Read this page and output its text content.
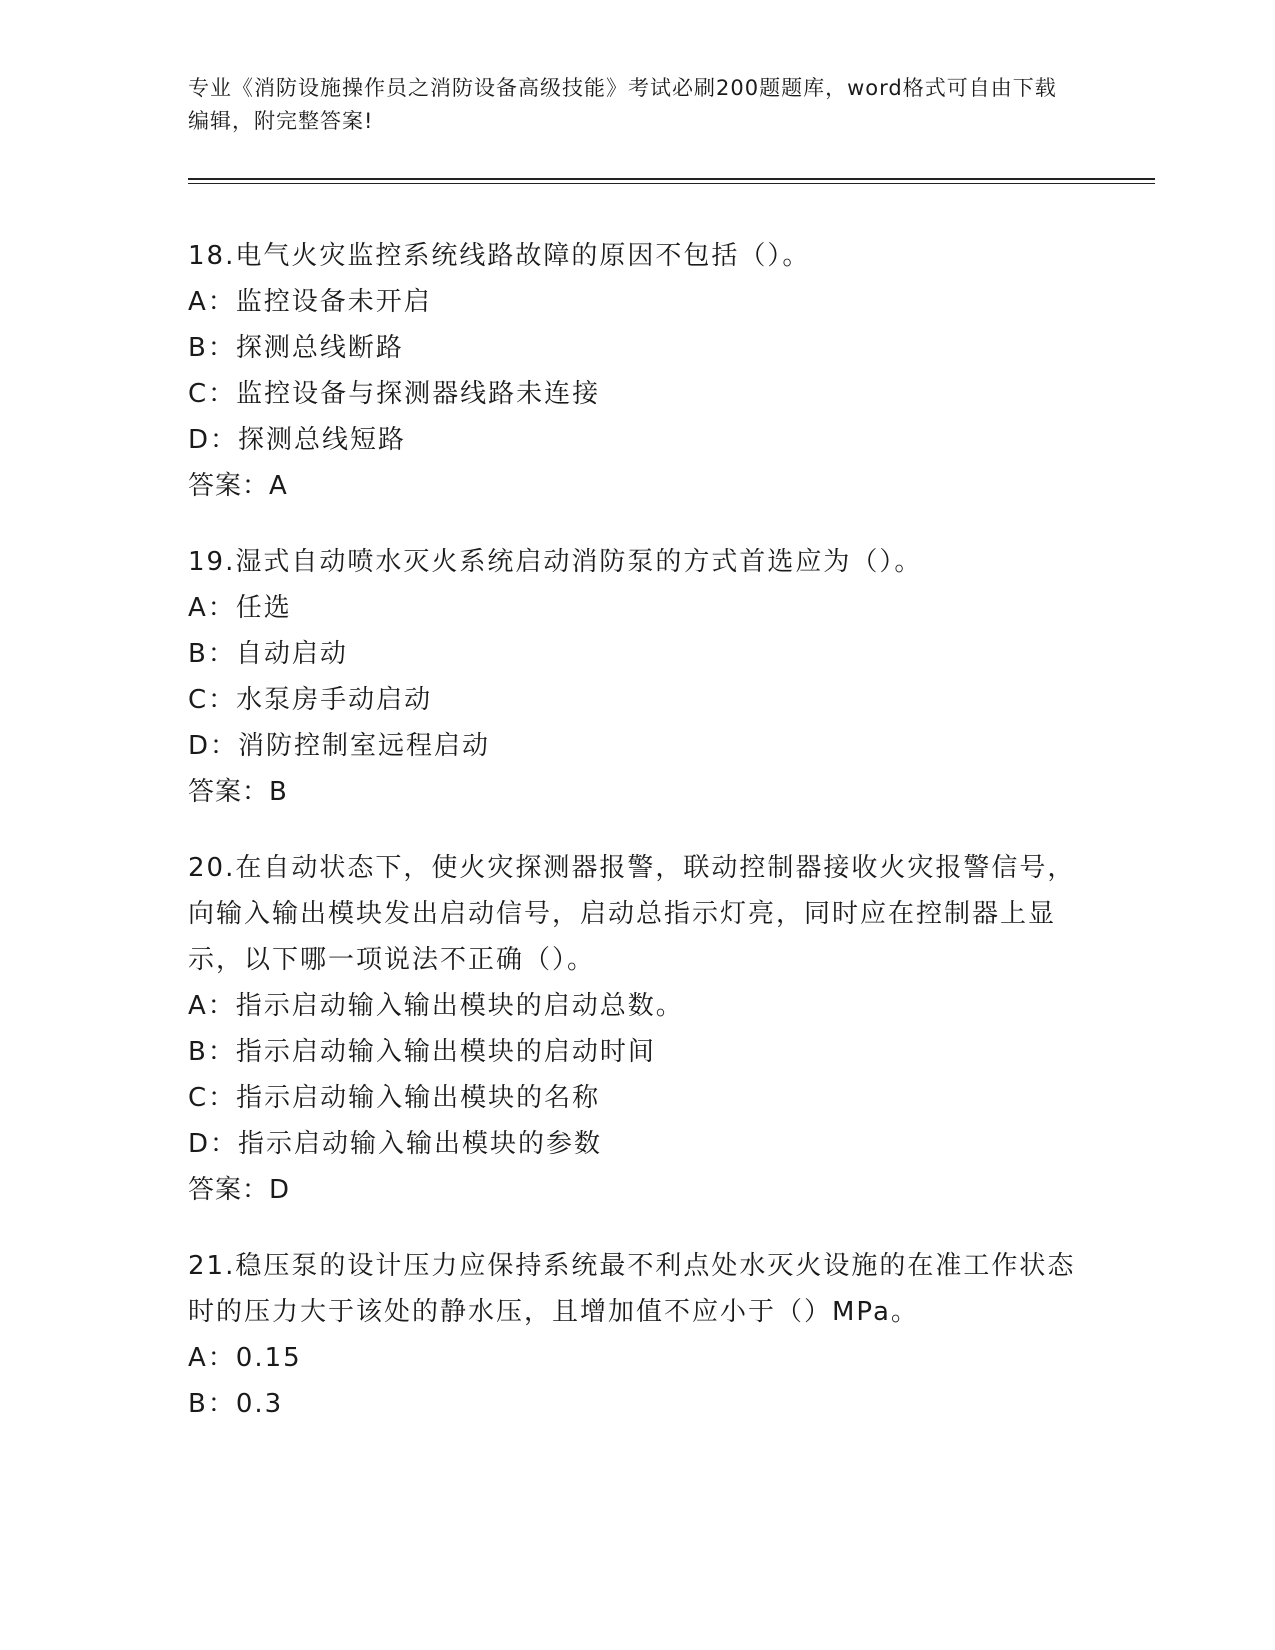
专业《消防设施操作员之消防设备高级技能》考试必刷200题题库，word格式可自由下载编辑，附完整答案!

18.电气火灾监控系统线路故障的原因不包括（）。

A：监控设备未开启

B：探测总线断路

C：监控设备与探测器线路未连接

D：探测总线短路

答案：A

19.湿式自动喷水灭火系统启动消防泵的方式首选应为（）。

A：任选

B：自动启动

C：水泵房手动启动

D：消防控制室远程启动

答案：B

20.在自动状态下，使火灾探测器报警，联动控制器接收火灾报警信号，向输入输出模块发出启动信号，启动总指示灯亮，同时应在控制器上显示，以下哪一项说法不正确（）。

A：指示启动输入输出模块的启动总数。

B：指示启动输入输出模块的启动时间

C：指示启动输入输出模块的名称

D：指示启动输入输出模块的参数

答案：D

21.稳压泵的设计压力应保持系统最不利点处水灭火设施的在准工作状态时的压力大于该处的静水压，且增加值不应小于（）MPa。

A：0.15

B：0.3
